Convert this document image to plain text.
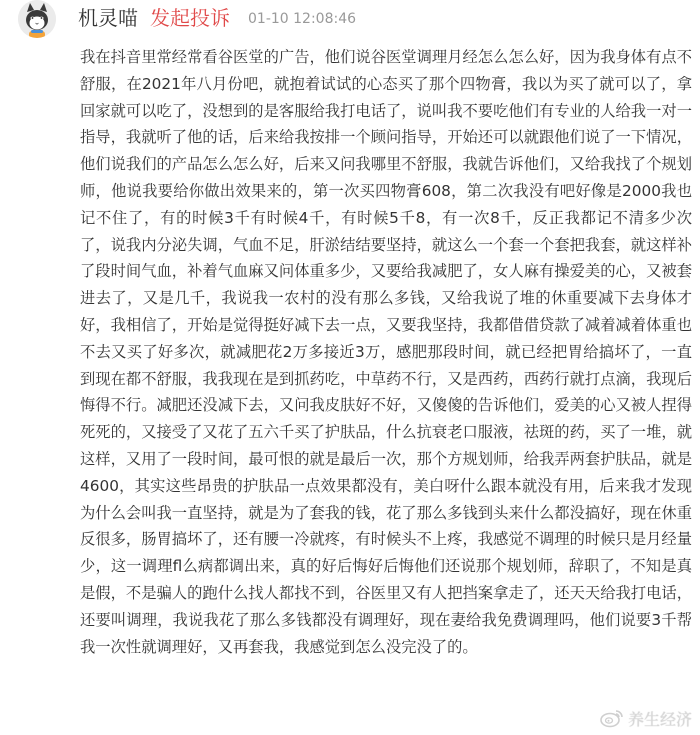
机灵喵 发起投诉 01-10 12:08:46

我在抖音里常经常看谷医堂的广告，他们说谷医堂调理月经怎么怎么好，因为我身体有点不舒服，在2021年八月份吧，就抱着试试的心态买了那个四物膏，我以为买了就可以了，拿回家就可以吃了，没想到的是客服给我打电话了，说叫我不要吃他们有专业的人给我一对一指导，我就听了他的话，后来给我按排一个顾问指导，开始还可以就跟他们说了一下情况，他们说我们的产品怎么怎么好，后来又问我哪里不舒服，我就告诉他们，又给我找了个规划师，他说我要给你做出效果来的，第一次买四物膏608，第二次我没有吧好像是2000我也记不住了，有的时候3千有时候4千，有时候5千8，有一次8千，反正我都记不清多少次了，说我内分泌失调，气血不足，肝淤结结要坚持，就这么一个套一个套把我套，就这样补了段时间气血，补着气血麻又问体重多少，又要给我减肥了，女人麻有操爱美的心，又被套进去了，又是几千，我说我一农村的没有那么多钱，又给我说了堆的休重要减下去身体才好，我相信了，开始是觉得挺好减下去一点，又要我坚持，我都借借贷款了减着减着体重也不去又买了好多次，就减肥花2万多接近3万，感肥那段时间，就已经把胃给搞坏了，一直到现在都不舒服，我我现在是到抓药吃，中草药不行，又是西药，西药行就打点滴，我现后悔得不行。减肥还没减下去，又问我皮肤好不好，又傻傻的告诉他们，爱美的心又被人捏得死死的，又接受了又花了五六千买了护肤品，什么抗衰老口服液，祛斑的药，买了一堆，就这样，又用了一段时间，最可恨的就是最后一次，那个方规划师，给我弄两套护肤品，就是4600，其实这些昂贵的护肤品一点效果都没有，美白呀什么跟本就没有用，后来我才发现为什么会叫我一直坚持，就是为了套我的钱，花了那么多钱到头来什么都没搞好，现在休重反很多，肠胃搞坏了，还有腰一冷就疼，有时候头不上疼，我感觉不调理的时候只是月经量少，这一调理fl么病都调出来，真的好后悔好后悔他们还说那个规划师，辞职了，不知是真是假，不是骗人的跑什么找人都找不到，谷医里又有人把挡案拿走了，还天天给我打电话，还要叫调理，我说我花了那么多钱都没有调理好，现在妻给我免费调理吗，他们说要3千帮我一次性就调理好，又再套我，我感觉到怎么没完没了的。

养生经济
